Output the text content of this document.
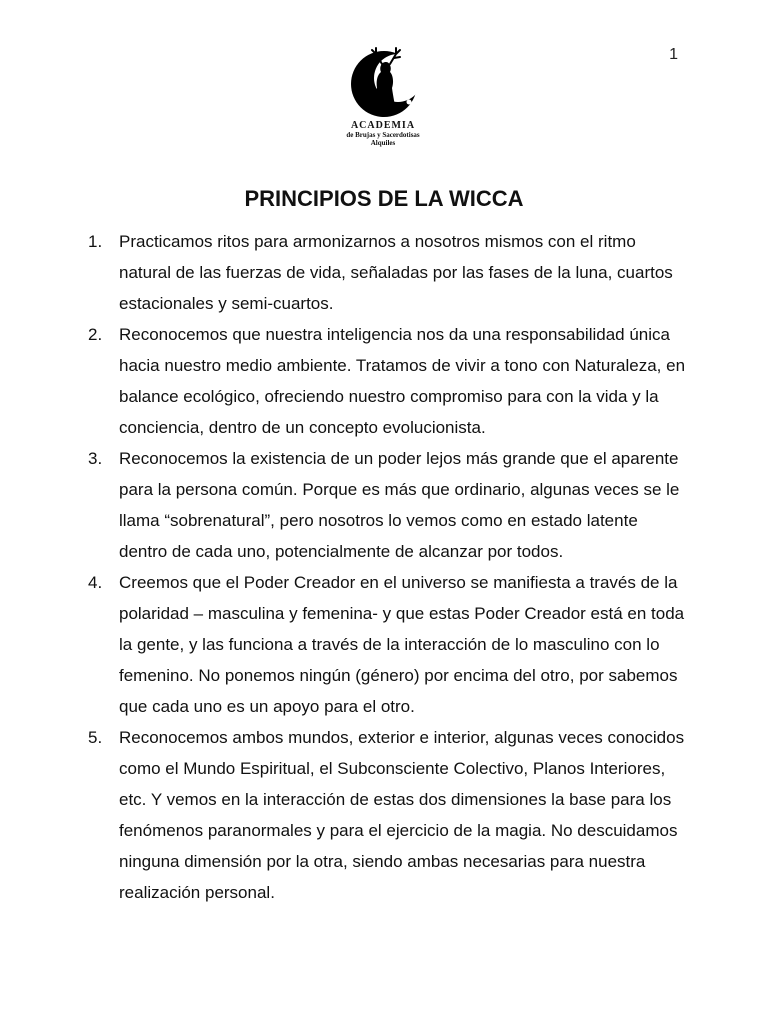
1
ACADEMIA
de Brujas y Sacerdotisas
Alquiles
PRINCIPIOS DE LA WICCA
1. Practicamos ritos para armonizarnos a nosotros mismos con el ritmo natural de las fuerzas de vida, señaladas por las fases de la luna, cuartos estacionales y semi-cuartos.
2. Reconocemos que nuestra inteligencia nos da una responsabilidad única hacia nuestro medio ambiente. Tratamos de vivir a tono con Naturaleza, en balance ecológico, ofreciendo nuestro compromiso para con la vida y la conciencia, dentro de un concepto evolucionista.
3. Reconocemos la existencia de un poder lejos más grande que el aparente para la persona común. Porque es más que ordinario, algunas veces se le llama “sobrenatural”, pero nosotros lo vemos como en estado latente dentro de cada uno, potencialmente de alcanzar por todos.
4. Creemos que el Poder Creador en el universo se manifiesta a través de la polaridad – masculina y femenina- y que estas Poder Creador está en toda la gente, y las funciona a través de la interacción de lo masculino con lo femenino. No ponemos ningún (género) por encima del otro, por sabemos que cada uno es un apoyo para el otro.
5. Reconocemos ambos mundos, exterior e interior, algunas veces conocidos como el Mundo Espiritual, el Subconsciente Colectivo, Planos Interiores, etc. Y vemos en la interacción de estas dos dimensiones la base para los fenómenos paranormales y para el ejercicio de la magia. No descuidamos ninguna dimensión por la otra, siendo ambas necesarias para nuestra realización personal.
